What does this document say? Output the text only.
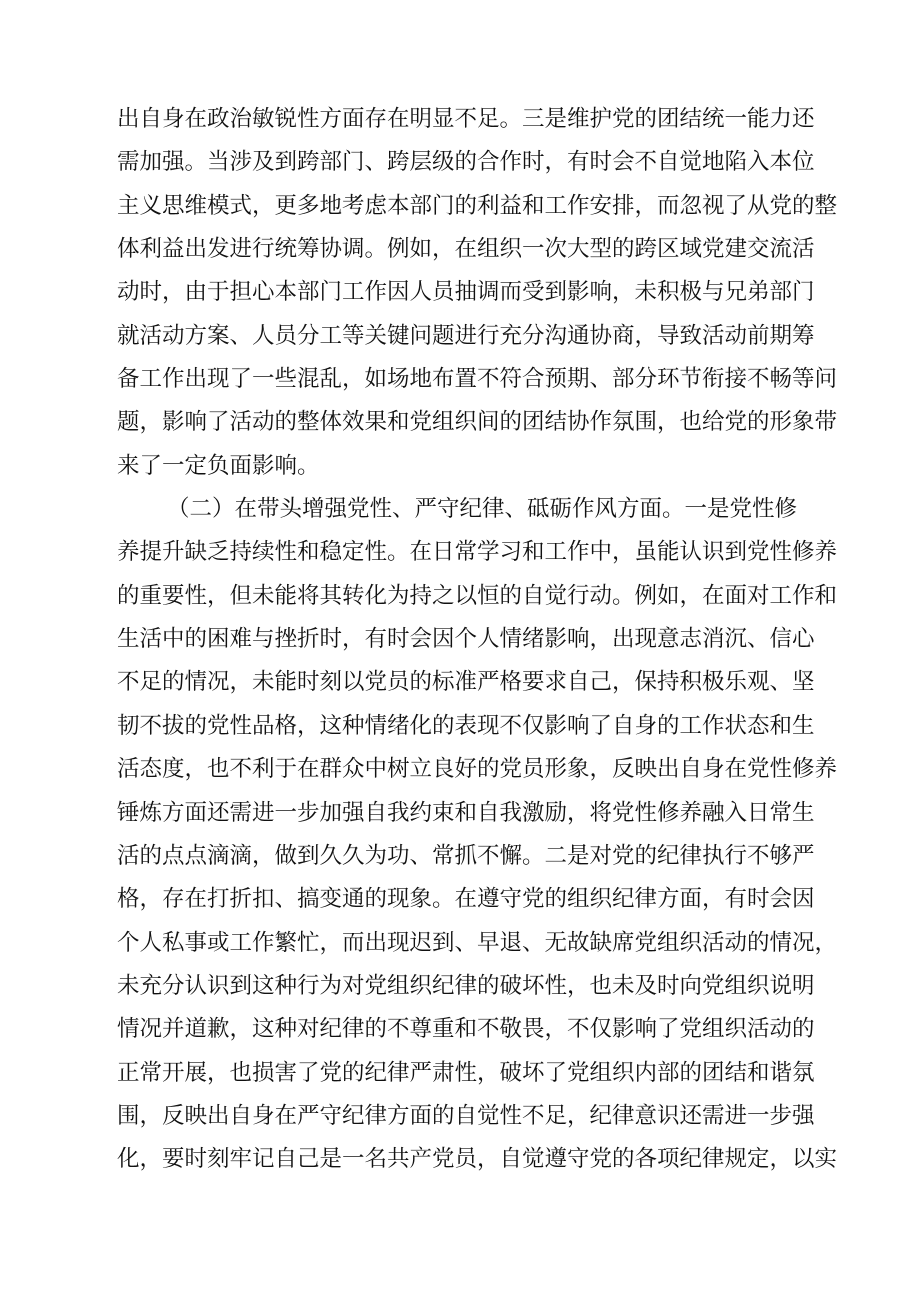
出自身在政治敏锐性方面存在明显不足。三是维护党的团结统一能力还
需加强。当涉及到跨部门、跨层级的合作时，有时会不自觉地陷入本位
主义思维模式，更多地考虑本部门的利益和工作安排，而忽视了从党的整
体利益出发进行统筹协调。例如，在组织一次大型的跨区域党建交流活
动时，由于担心本部门工作因人员抽调而受到影响，未积极与兄弟部门
就活动方案、人员分工等关键问题进行充分沟通协商，导致活动前期筹
备工作出现了一些混乱，如场地布置不符合预期、部分环节衔接不畅等问
题，影响了活动的整体效果和党组织间的团结协作氛围，也给党的形象带
来了一定负面影响。
（二）在带头增强党性、严守纪律、砥砺作风方面。一是党性修
养提升缺乏持续性和稳定性。在日常学习和工作中，虽能认识到党性修养
的重要性，但未能将其转化为持之以恒的自觉行动。例如，在面对工作和
生活中的困难与挫折时，有时会因个人情绪影响，出现意志消沉、信心
不足的情况，未能时刻以党员的标准严格要求自己，保持积极乐观、坚
韧不拔的党性品格，这种情绪化的表现不仅影响了自身的工作状态和生
活态度，也不利于在群众中树立良好的党员形象，反映出自身在党性修养
锤炼方面还需进一步加强自我约束和自我激励，将党性修养融入日常生
活的点点滴滴，做到久久为功、常抓不懈。二是对党的纪律执行不够严
格，存在打折扣、搞变通的现象。在遵守党的组织纪律方面，有时会因
个人私事或工作繁忙，而出现迟到、早退、无故缺席党组织活动的情况，
未充分认识到这种行为对党组织纪律的破坏性，也未及时向党组织说明
情况并道歉，这种对纪律的不尊重和不敬畏，不仅影响了党组织活动的
正常开展，也损害了党的纪律严肃性，破坏了党组织内部的团结和谐氛
围，反映出自身在严守纪律方面的自觉性不足，纪律意识还需进一步强
化，要时刻牢记自己是一名共产党员，自觉遵守党的各项纪律规定，以实
